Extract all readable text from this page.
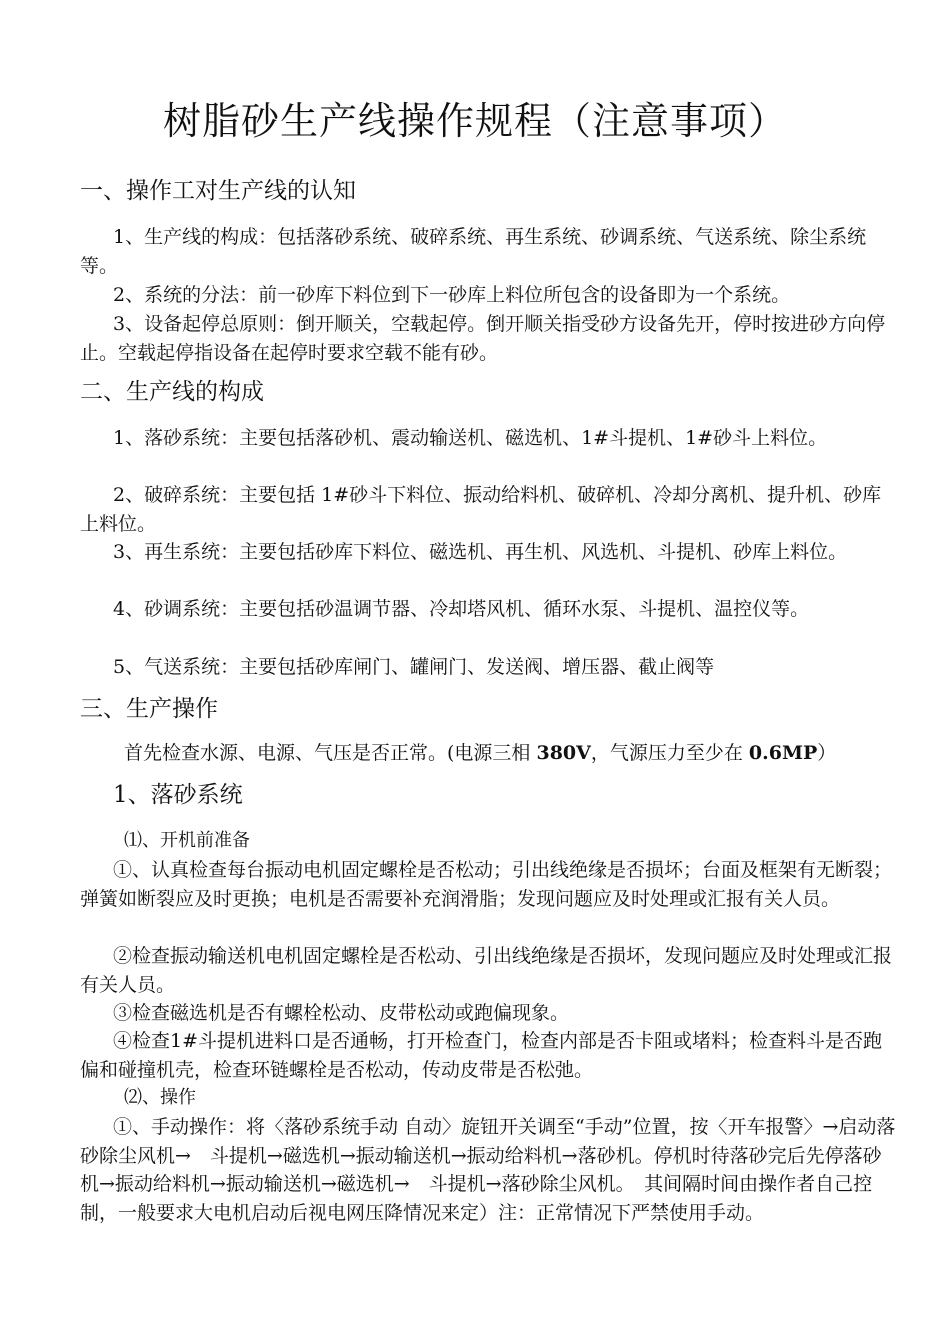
树脂砂生产线操作规程（注意事项）
一、操作工对生产线的认知
1、生产线的构成：包括落砂系统、破碎系统、再生系统、砂调系统、气送系统、除尘系统等。
2、系统的分法：前一砂库下料位到下一砂库上料位所包含的设备即为一个系统。
3、设备起停总原则：倒开顺关，空载起停。倒开顺关指受砂方设备先开，停时按进砂方向停止。空载起停指设备在起停时要求空载不能有砂。
二、生产线的构成
1、落砂系统：主要包括落砂机、震动输送机、磁选机、1#斗提机、1#砂斗上料位。
2、破碎系统：主要包括 1#砂斗下料位、振动给料机、破碎机、冷却分离机、提升机、砂库上料位。
3、再生系统：主要包括砂库下料位、磁选机、再生机、风选机、斗提机、砂库上料位。
4、砂调系统：主要包括砂温调节器、冷却塔风机、循环水泵、斗提机、温控仪等。
5、气送系统：主要包括砂库闸门、罐闸门、发送阀、增压器、截止阀等
三、生产操作
首先检查水源、电源、气压是否正常。(电源三相 380V，气源压力至少在 0.6MP）
1、落砂系统
⑴、开机前准备
①、认真检查每台振动电机固定螺栓是否松动；引出线绝缘是否损坏；台面及框架有无断裂；弹簧如断裂应及时更换；电机是否需要补充润滑脂；发现问题应及时处理或汇报有关人员。
②检查振动输送机电机固定螺栓是否松动、引出线绝缘是否损坏，发现问题应及时处理或汇报有关人员。
③检查磁选机是否有螺栓松动、皮带松动或跑偏现象。
④检查1#斗提机进料口是否通畅，打开检查门，检查内部是否卡阻或堵料；检查料斗是否跑偏和碰撞机壳，检查环链螺栓是否松动，传动皮带是否松弛。
⑵、操作
①、手动操作：将〈落砂系统手动 自动〉旋钮开关调至“手动”位置，按〈开车报警〉→启动落砂除尘风机→　斗提机→磁选机→振动输送机→振动给料机→落砂机。停机时待落砂完后先停落砂机→振动给料机→振动输送机→磁选机→　斗提机→落砂除尘风机。　其间隔时间由操作者自己控制，一般要求大电机启动后视电网压降情况来定）注：正常情况下严禁使用手动。
